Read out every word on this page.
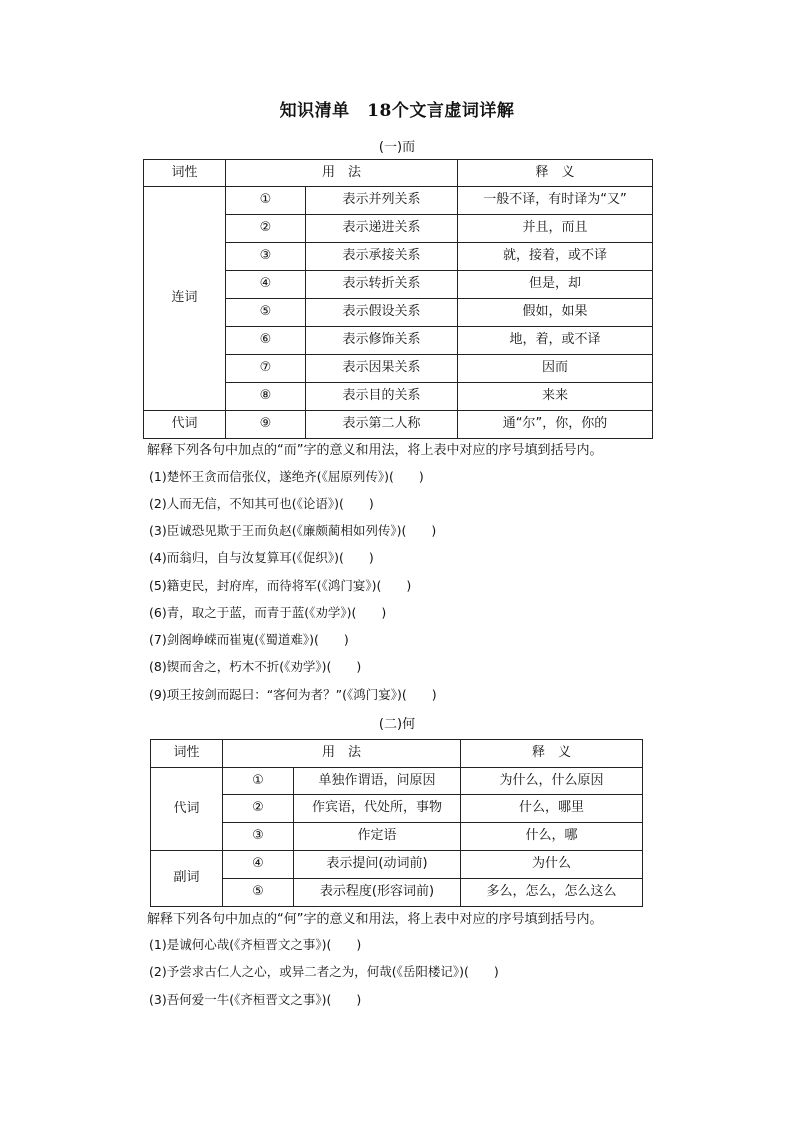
知识清单　18个文言虚词详解
(一)而
词性	用　法		释　义
连词	①	表示并列关系	一般不译，有时译为“又”
	②	表示递进关系	并且，而且
	③	表示承接关系	就，接着，或不译
	④	表示转折关系	但是，却
	⑤	表示假设关系	假如，如果
	⑥	表示修饰关系	地，着，或不译
	⑦	表示因果关系	因而
	⑧	表示目的关系	来来
代词	⑨	表示第二人称	通“尔”，你，你的
解释下列各句中加点的“而”字的意义和用法，将上表中对应的序号填到括号内。
(1)楚怀王贪而信张仪，遂绝齐(《屈原列传》)(　　)
(2)人而无信，不知其可也(《论语》)(　　)
(3)臣诚恐见欺于王而负赵(《廉颇蔺相如列传》)(　　)
(4)而翁归，自与汝复算耳(《促织》)(　　)
(5)籍吏民，封府库，而待将军(《鸿门宴》)(　　)
(6)青，取之于蓝，而青于蓝(《劝学》)(　　)
(7)剑阁峥嵘而崔嵬(《蜀道难》)(　　)
(8)锲而舍之，朽木不折(《劝学》)(　　)
(9)项王按剑而跽曰：“客何为者？”(《鸿门宴》)(　　)
(二)何
词性	用　法		释　义
代词	①	单独作谓语，问原因	为什么，什么原因
	②	作宾语，代处所，事物	什么，哪里
	③	作定语	什么，哪
副词	④	表示提问(动词前)	为什么
	⑤	表示程度(形容词前)	多么，怎么，怎么这么
解释下列各句中加点的“何”字的意义和用法，将上表中对应的序号填到括号内。
(1)是诚何心哉(《齐桓晋文之事》)(　　)
(2)予尝求古仁人之心，或异二者之为，何哉(《岳阳楼记》)(　　)
(3)吾何爱一牛(《齐桓晋文之事》)(　　)
